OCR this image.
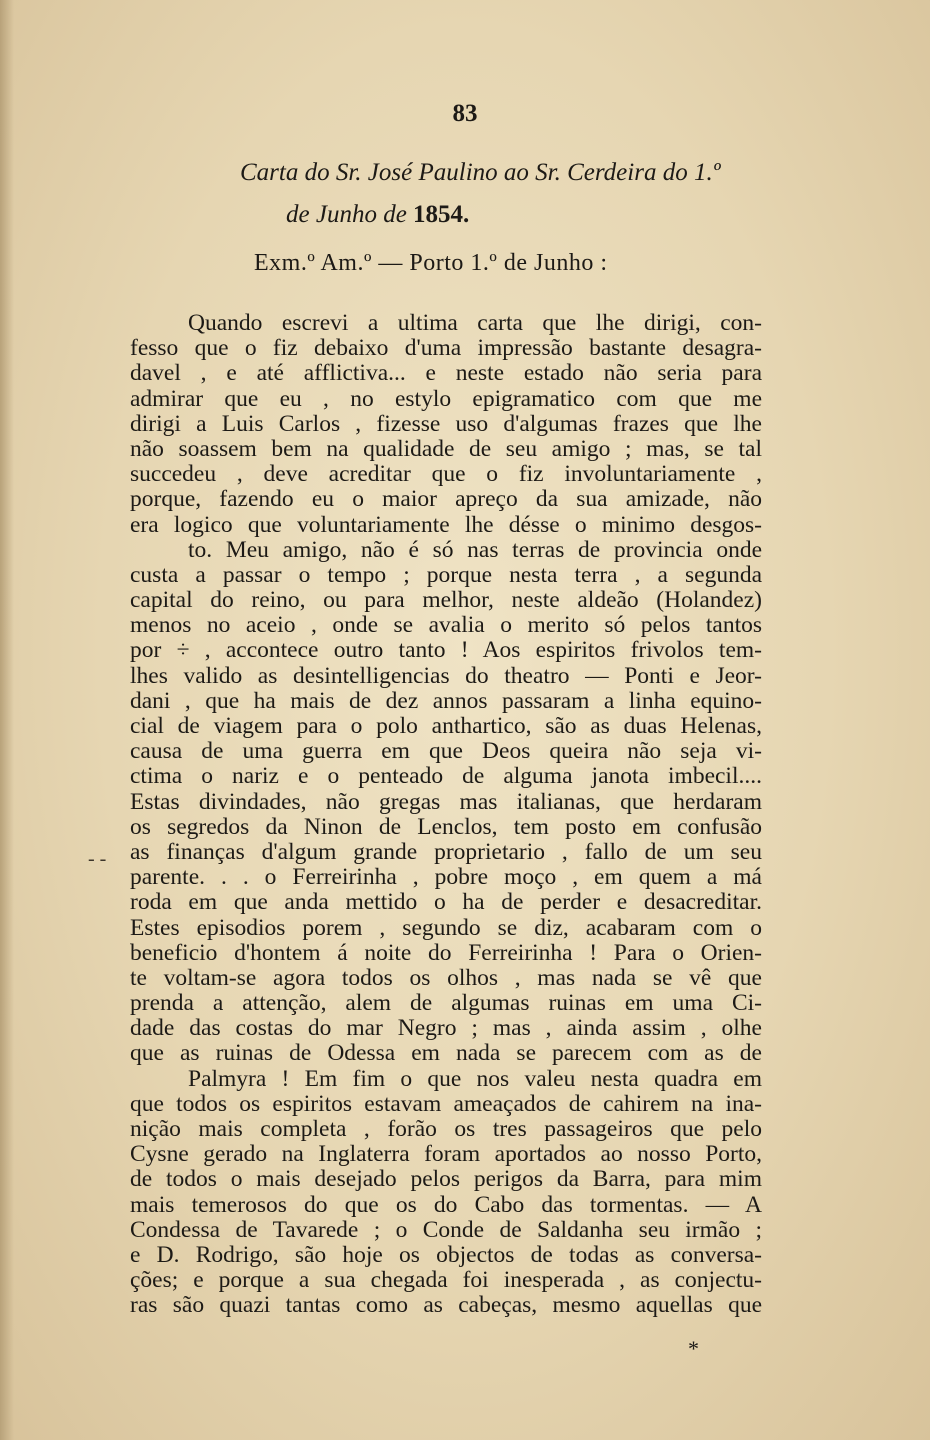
83
Carta do Sr. José Paulino ao Sr. Cerdeira do 1.º
de Junho de 1854.
Exm.º Am.º — Porto 1.º de Junho :
Quando escrevi a ultima carta que lhe dirigi, con-
fesso que o fiz debaixo d'uma impressão bastante desagra-
davel , e até afflictiva... e neste estado não seria para
admirar que eu , no estylo epigramatico com que me
dirigi a Luis Carlos , fizesse uso d'algumas frazes que lhe
não soassem bem na qualidade de seu amigo ; mas, se tal
succedeu , deve acreditar que o fiz involuntariamente ,
porque, fazendo eu o maior apreço da sua amizade, não
era logico que voluntariamente lhe désse o minimo desgos-
to. Meu amigo, não é só nas terras de provincia onde
custa a passar o tempo ; porque nesta terra , a segunda
capital do reino, ou para melhor, neste aldeão (Holandez)
menos no aceio , onde se avalia o merito só pelos tantos
por ÷ , accontece outro tanto ! Aos espiritos frivolos tem-
lhes valido as desintelligencias do theatro — Ponti e Jeor-
dani , que ha mais de dez annos passaram a linha equino-
cial de viagem para o polo anthartico, são as duas Helenas,
causa de uma guerra em que Deos queira não seja vi-
ctima o nariz e o penteado de alguma janota imbecil....
Estas divindades, não gregas mas italianas, que herdaram
os segredos da Ninon de Lenclos, tem posto em confusão
as finanças d'algum grande proprietario , fallo de um seu
parente. . . o Ferreirinha , pobre moço , em quem a má
roda em que anda mettido o ha de perder e desacreditar.
Estes episodios porem , segundo se diz, acabaram com o
beneficio d'hontem á noite do Ferreirinha ! Para o Orien-
te voltam-se agora todos os olhos , mas nada se vê que
prenda a attenção, alem de algumas ruinas em uma Ci-
dade das costas do mar Negro ; mas , ainda assim , olhe
que as ruinas de Odessa em nada se parecem com as de
Palmyra ! Em fim o que nos valeu nesta quadra em
que todos os espiritos estavam ameaçados de cahirem na ina-
nição mais completa , forão os tres passageiros que pelo
Cysne gerado na Inglaterra foram aportados ao nosso Porto,
de todos o mais desejado pelos perigos da Barra, para mim
mais temerosos do que os do Cabo das tormentas. — A
Condessa de Tavarede ; o Conde de Saldanha seu irmão ;
e D. Rodrigo, são hoje os objectos de todas as conversa-
ções; e porque a sua chegada foi inesperada , as conjectu-
ras são quazi tantas como as cabeças, mesmo aquellas que
- -
*
